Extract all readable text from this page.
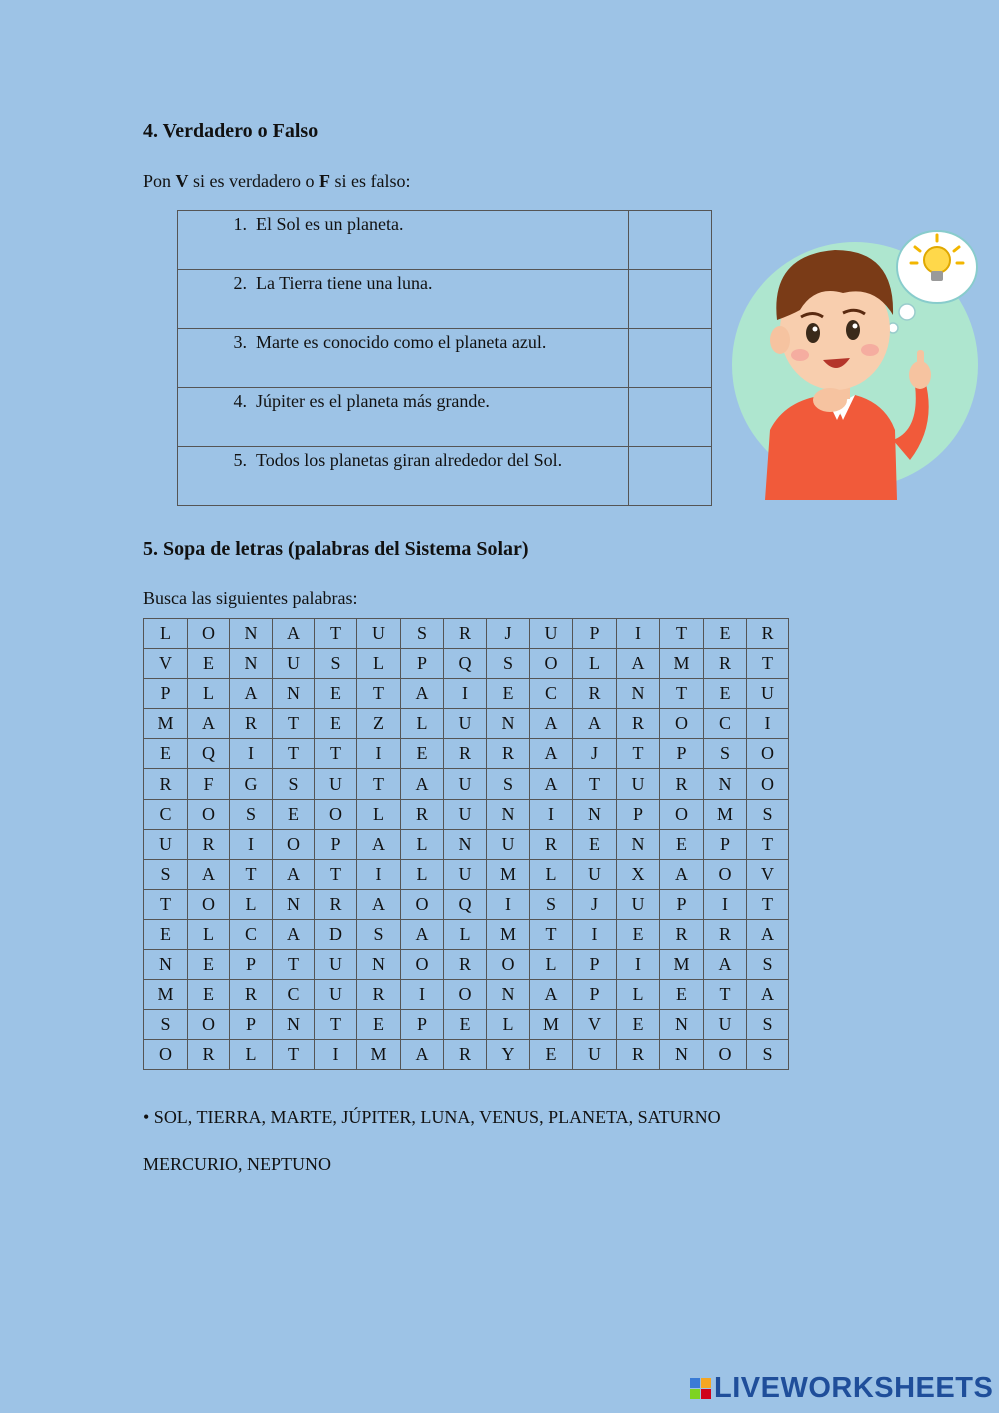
4. Verdadero o Falso
Pon V si es verdadero o F si es falso:
1. El Sol es un planeta.	
2. La Tierra tiene una luna.	
3. Marte es conocido como el planeta azul.	
4. Júpiter es el planeta más grande.	
5. Todos los planetas giran alrededor del Sol.	
5. Sopa de letras (palabras del Sistema Solar)
Busca las siguientes palabras:
L	O	N	A	T	U	S	R	J	U	P	I	T	E	R
V	E	N	U	S	L	P	Q	S	O	L	A	M	R	T
P	L	A	N	E	T	A	I	E	C	R	N	T	E	U
M	A	R	T	E	Z	L	U	N	A	A	R	O	C	I
E	Q	I	T	T	I	E	R	R	A	J	T	P	S	O
R	F	G	S	U	T	A	U	S	A	T	U	R	N	O
C	O	S	E	O	L	R	U	N	I	N	P	O	M	S
U	R	I	O	P	A	L	N	U	R	E	N	E	P	T
S	A	T	A	T	I	L	U	M	L	U	X	A	O	V
T	O	L	N	R	A	O	Q	I	S	J	U	P	I	T
E	L	C	A	D	S	A	L	M	T	I	E	R	R	A
N	E	P	T	U	N	O	R	O	L	P	I	M	A	S
M	E	R	C	U	R	I	O	N	A	P	L	E	T	A
S	O	P	N	T	E	P	E	L	M	V	E	N	U	S
O	R	L	T	I	M	A	R	Y	E	U	R	N	O	S
• SOL, TIERRA, MARTE, JÚPITER, LUNA, VENUS, PLANETA, SATURNO
MERCURIO, NEPTUNO
LIVEWORKSHEETS
